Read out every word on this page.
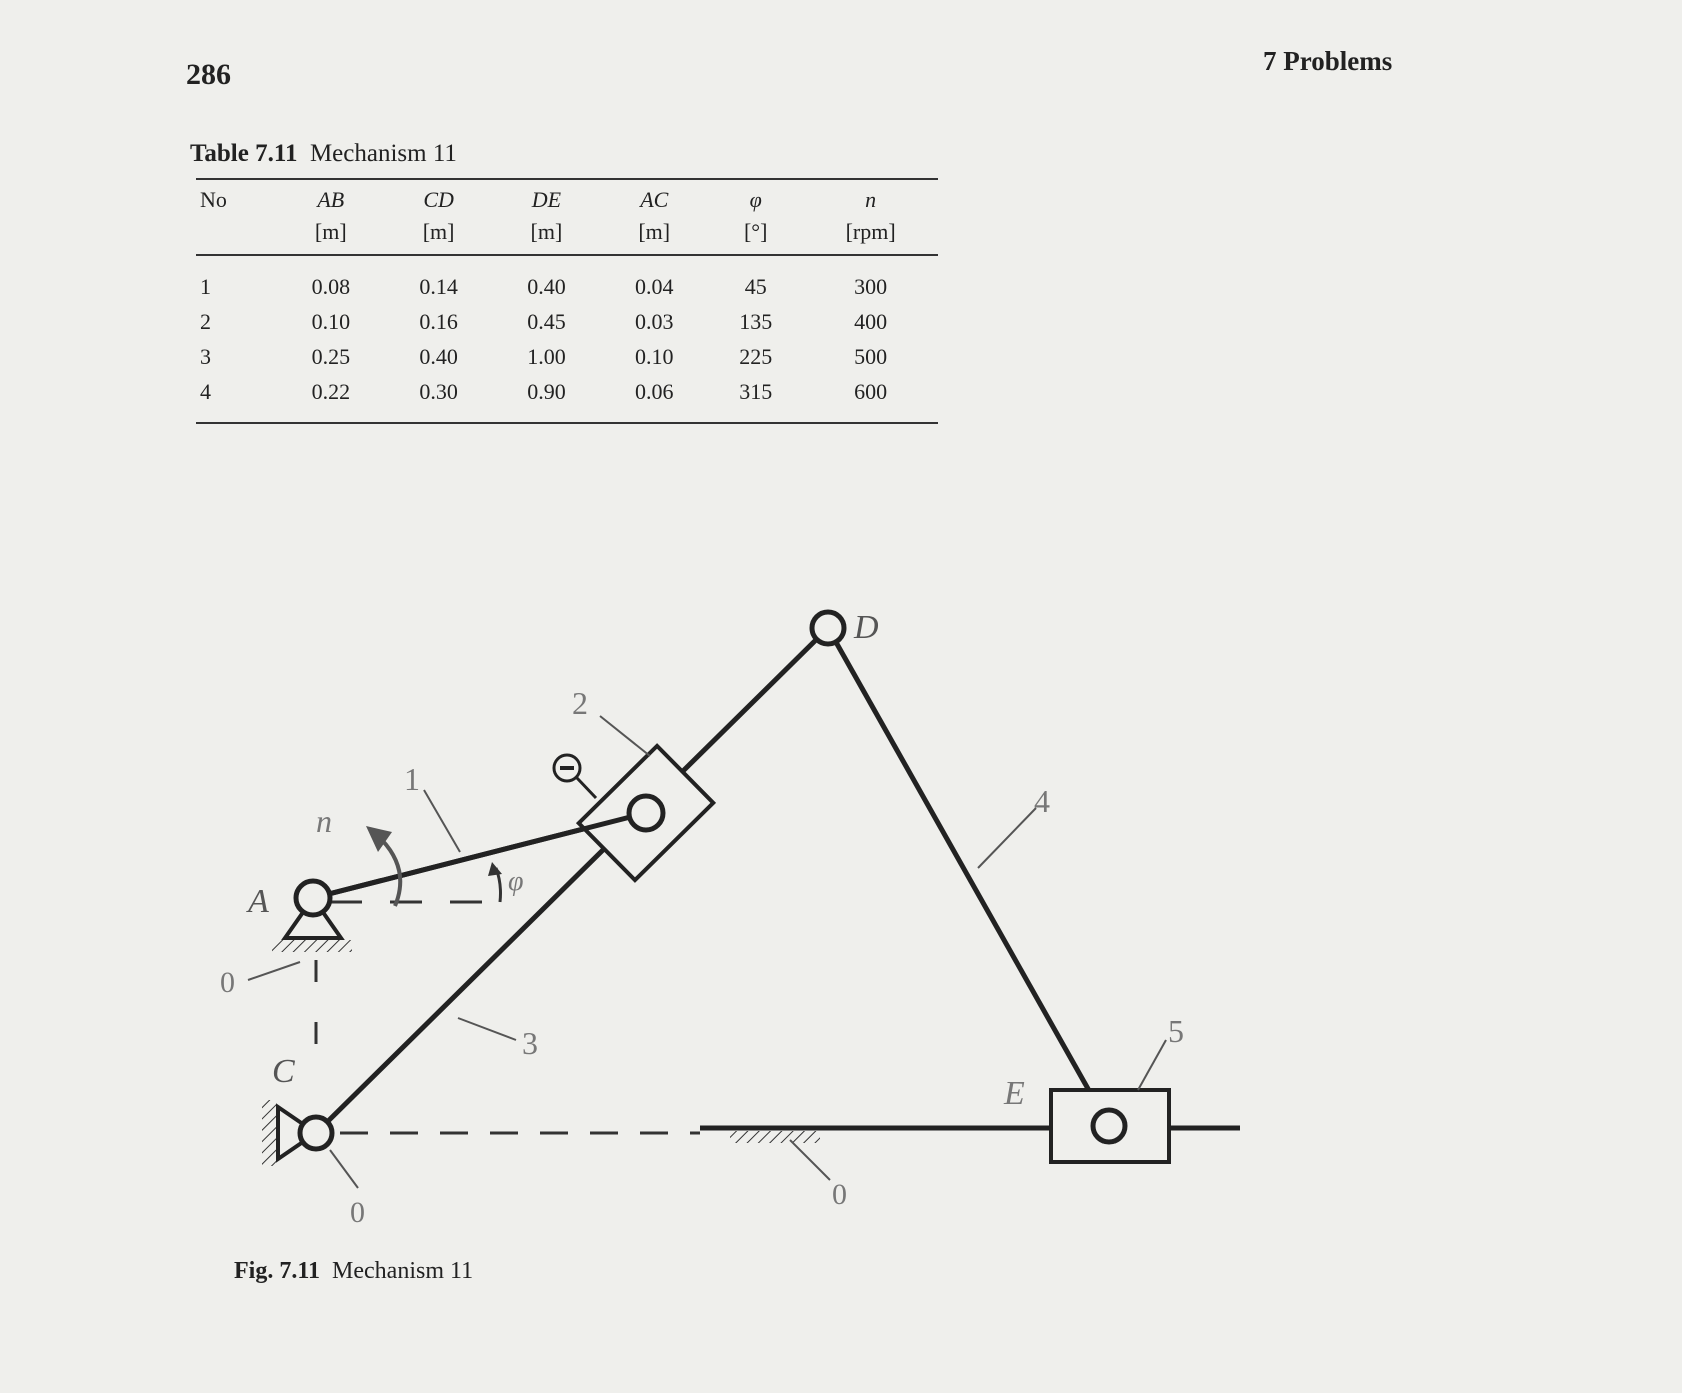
286	7 Problems
Table 7.11 Mechanism 11
No	AB	CD	DE	AC	φ	n
	[m]	[m]	[m]	[m]	[°]	[rpm]
1	0.08	0.14	0.40	0.04	45	300
2	0.10	0.16	0.45	0.03	135	400
3	0.25	0.40	1.00	0.10	225	500
4	0.22	0.30	0.90	0.06	315	600
A
C
D
E
1
2
3
4
5
0
0
0
n
φ
Fig. 7.11 Mechanism 11
